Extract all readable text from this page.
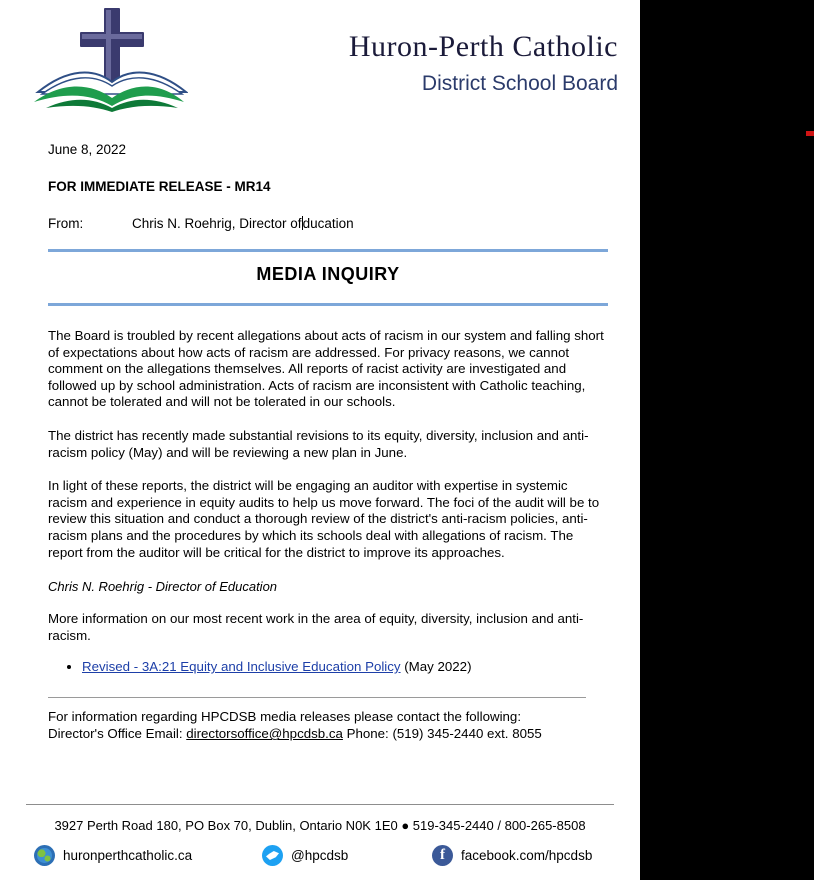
Huron-Perth Catholic
District School Board
June 8, 2022
FOR IMMEDIATE RELEASE - MR14
From:	Chris N. Roehrig, Director ofducation
MEDIA INQUIRY
The Board is troubled by recent allegations about acts of racism in our system and falling short of expectations about how acts of racism are addressed. For privacy reasons, we cannot comment on the allegations themselves. All reports of racist activity are investigated and followed up by school administration. Acts of racism are inconsistent with Catholic teaching, cannot be tolerated and will not be tolerated in our schools.
The district has recently made substantial revisions to its equity, diversity, inclusion and anti-racism policy (May) and will be reviewing a new plan in June.
In light of these reports, the district will be engaging an auditor with expertise in systemic racism and experience in equity audits to help us move forward. The foci of the audit will be to review this situation and conduct a thorough review of the district's anti-racism policies, anti-racism plans and the procedures by which its schools deal with allegations of racism. The report from the auditor will be critical for the district to improve its approaches.
Chris N. Roehrig - Director of Education
More information on our most recent work in the area of equity, diversity, inclusion and anti-racism.
• Revised - 3A:21 Equity and Inclusive Education Policy (May 2022)
For information regarding HPCDSB media releases please contact the following:
Director's Office Email: directorsoffice@hpcdsb.ca Phone: (519) 345-2440 ext. 8055
3927 Perth Road 180, PO Box 70, Dublin, Ontario N0K 1E0 ● 519-345-2440 / 800-265-8508
huronperthcatholic.ca	@hpcdsb f	facebook.com/hpcdsb
